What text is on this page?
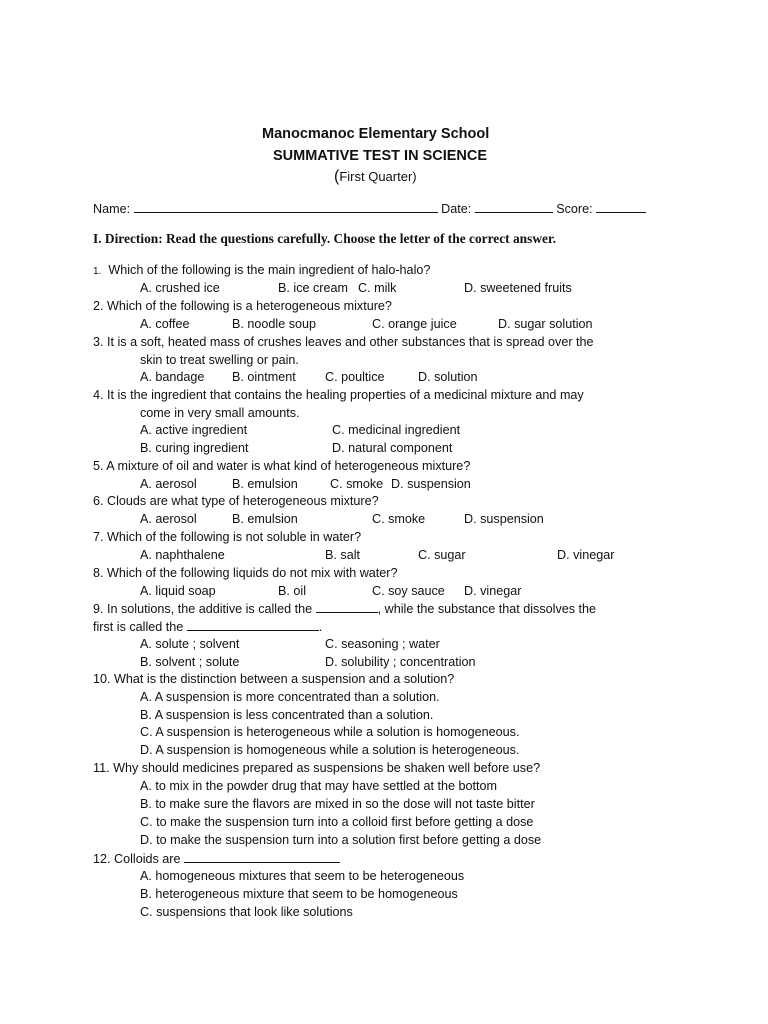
Manocmanoc Elementary School
SUMMATIVE TEST IN SCIENCE
(First Quarter)
Name:	Date:	Score:
I. Direction: Read the questions carefully. Choose the letter of the correct answer.
1. Which of the following is the main ingredient of halo-halo?
A. crushed ice	B. ice cream C. milk	D. sweetened fruits
2. Which of the following is a heterogeneous mixture?
A. coffee	B. noodle soup	C. orange juice	D. sugar solution
3. It is a soft, heated mass of crushes leaves and other substances that is spread over the
skin to treat swelling or pain.
A. bandage B. ointment C. poultice	D. solution
4. It is the ingredient that contains the healing properties of a medicinal mixture and may
come in very small amounts.
A. active ingredient	C. medicinal ingredient
B. curing ingredient	D. natural component
5. A mixture of oil and water is what kind of heterogeneous mixture?
A. aerosol	B. emulsion	C. smoke D. suspension
6. Clouds are what type of heterogeneous mixture?
A. aerosol	B. emulsion	C. smoke	D. suspension
7. Which of the following is not soluble in water?
A. naphthalene	B. salt	C. sugar	D. vinegar
8. Which of the following liquids do not mix with water?
A. liquid soap	B. oil	C. soy sauce D. vinegar
9. In solutions, the additive is called the	, while the substance that dissolves the
first is called the	.
A. solute ; solvent	C. seasoning ; water
B. solvent ; solute	D. solubility ; concentration
10. What is the distinction between a suspension and a solution?
A. A suspension is more concentrated than a solution.
B. A suspension is less concentrated than a solution.
C. A suspension is heterogeneous while a solution is homogeneous.
D. A suspension is homogeneous while a solution is heterogeneous.
11. Why should medicines prepared as suspensions be shaken well before use?
A. to mix in the powder drug that may have settled at the bottom
B. to make sure the flavors are mixed in so the dose will not taste bitter
C. to make the suspension turn into a colloid first before getting a dose
D. to make the suspension turn into a solution first before getting a dose
12. Colloids are
A. homogeneous mixtures that seem to be heterogeneous
B. heterogeneous mixture that seem to be homogeneous
C. suspensions that look like solutions
